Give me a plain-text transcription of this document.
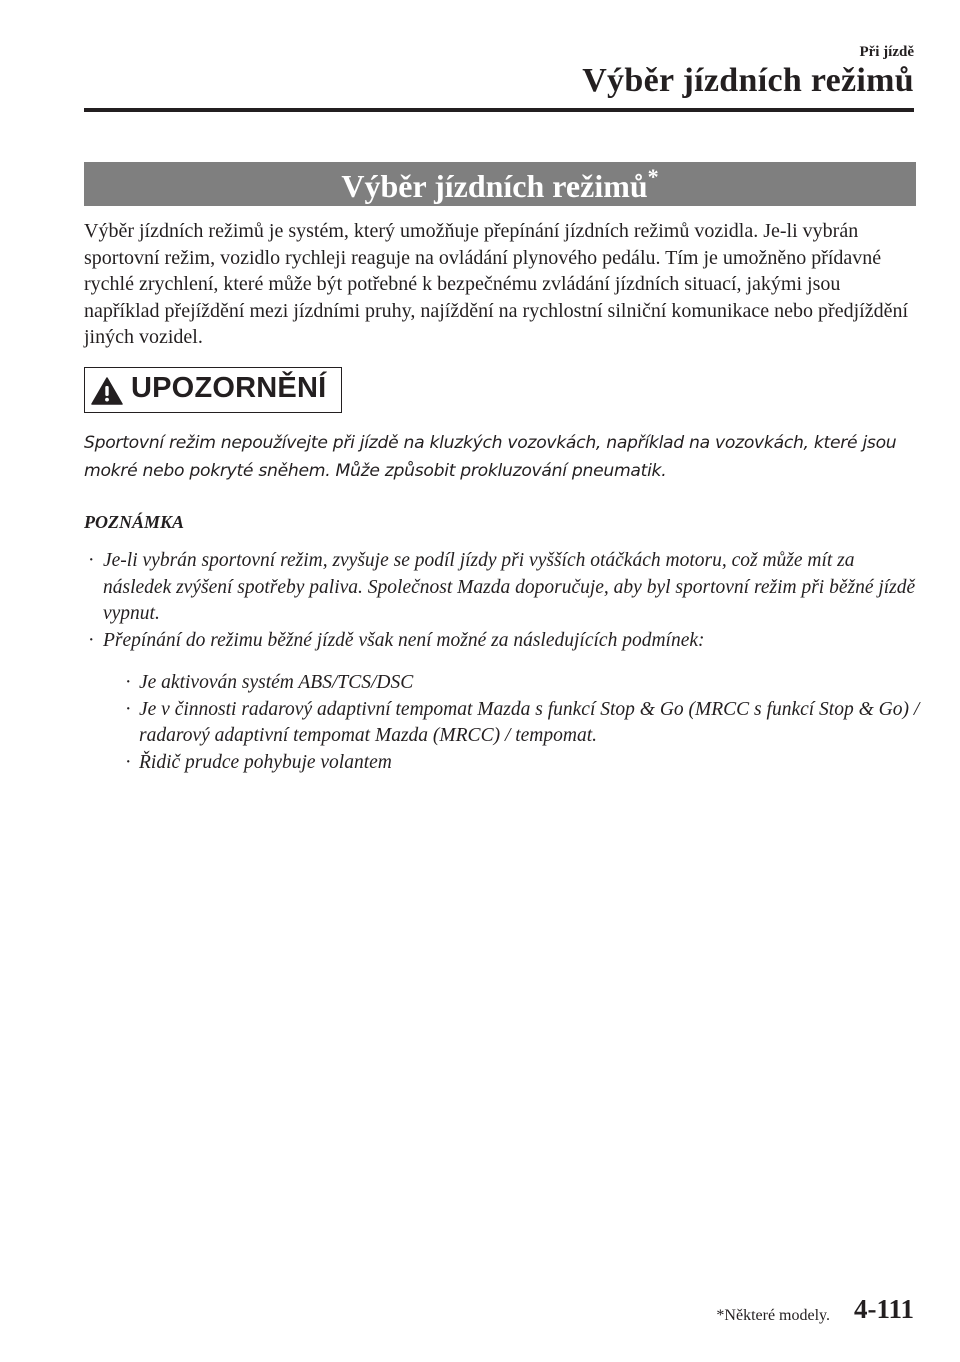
Při jízdě
Výběr jízdních režimů
Výběr jízdních režimů*
Výběr jízdních režimů je systém, který umožňuje přepínání jízdních režimů vozidla. Je-li vybrán sportovní režim, vozidlo rychleji reaguje na ovládání plynového pedálu. Tím je umožněno přídavné rychlé zrychlení, které může být potřebné k bezpečnému zvládání jízdních situací, jakými jsou například přejíždění mezi jízdními pruhy, najíždění na rychlostní silniční komunikace nebo předjíždění jiných vozidel.
UPOZORNĚNÍ
Sportovní režim nepoužívejte při jízdě na kluzkých vozovkách, například na vozovkách, které jsou mokré nebo pokryté sněhem. Může způsobit prokluzování pneumatik.
POZNÁMKA
· Je-li vybrán sportovní režim, zvyšuje se podíl jízdy při vyšších otáčkách motoru, což může mít za následek zvýšení spotřeby paliva. Společnost Mazda doporučuje, aby byl sportovní režim při běžné jízdě vypnut.
· Přepínání do režimu běžné jízdě však není možné za následujících podmínek:
· Je aktivován systém ABS/TCS/DSC
· Je v činnosti radarový adaptivní tempomat Mazda s funkcí Stop & Go (MRCC s funkcí Stop & Go) / radarový adaptivní tempomat Mazda (MRCC) / tempomat.
· Řidič prudce pohybuje volantem
*Některé modely. 4-111
